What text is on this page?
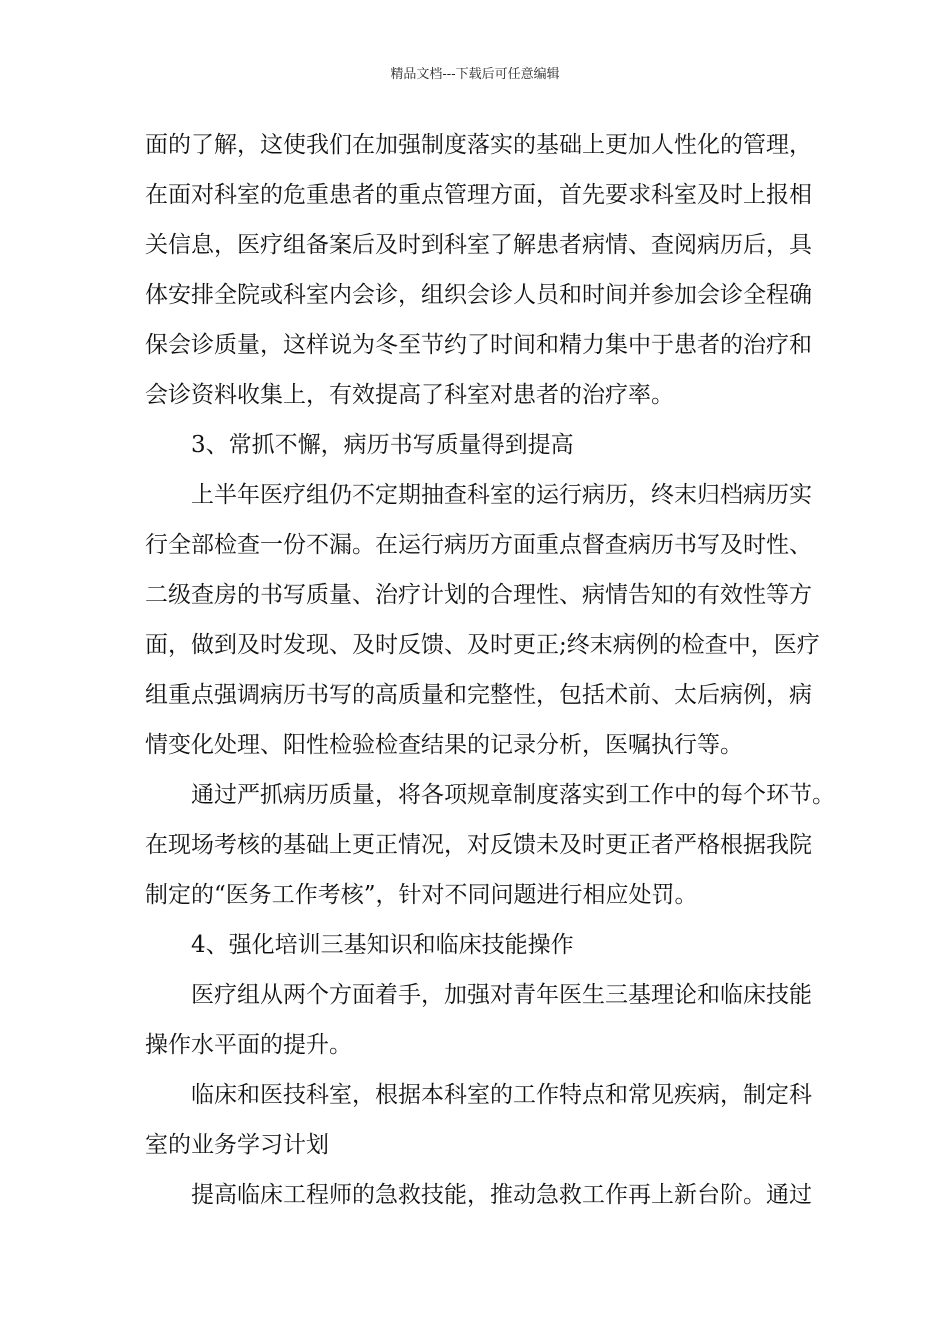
精品文档---下载后可任意编辑
面的了解，这使我们在加强制度落实的基础上更加人性化的管理，
在面对科室的危重患者的重点管理方面，首先要求科室及时上报相
关信息，医疗组备案后及时到科室了解患者病情、查阅病历后，具
体安排全院或科室内会诊，组织会诊人员和时间并参加会诊全程确
保会诊质量，这样说为冬至节约了时间和精力集中于患者的治疗和
会诊资料收集上，有效提高了科室对患者的治疗率。
3、常抓不懈，病历书写质量得到提高
上半年医疗组仍不定期抽查科室的运行病历，终末归档病历实
行全部检查一份不漏。在运行病历方面重点督查病历书写及时性、
二级查房的书写质量、治疗计划的合理性、病情告知的有效性等方
面，做到及时发现、及时反馈、及时更正;终末病例的检查中，医疗
组重点强调病历书写的高质量和完整性，包括术前、太后病例，病
情变化处理、阳性检验检查结果的记录分析，医嘱执行等。
通过严抓病历质量，将各项规章制度落实到工作中的每个环节。
在现场考核的基础上更正情况，对反馈未及时更正者严格根据我院
制定的“医务工作考核”，针对不同问题进行相应处罚。
4、强化培训三基知识和临床技能操作
医疗组从两个方面着手，加强对青年医生三基理论和临床技能
操作水平面的提升。
临床和医技科室，根据本科室的工作特点和常见疾病，制定科
室的业务学习计划
提高临床工程师的急救技能，推动急救工作再上新台阶。通过
